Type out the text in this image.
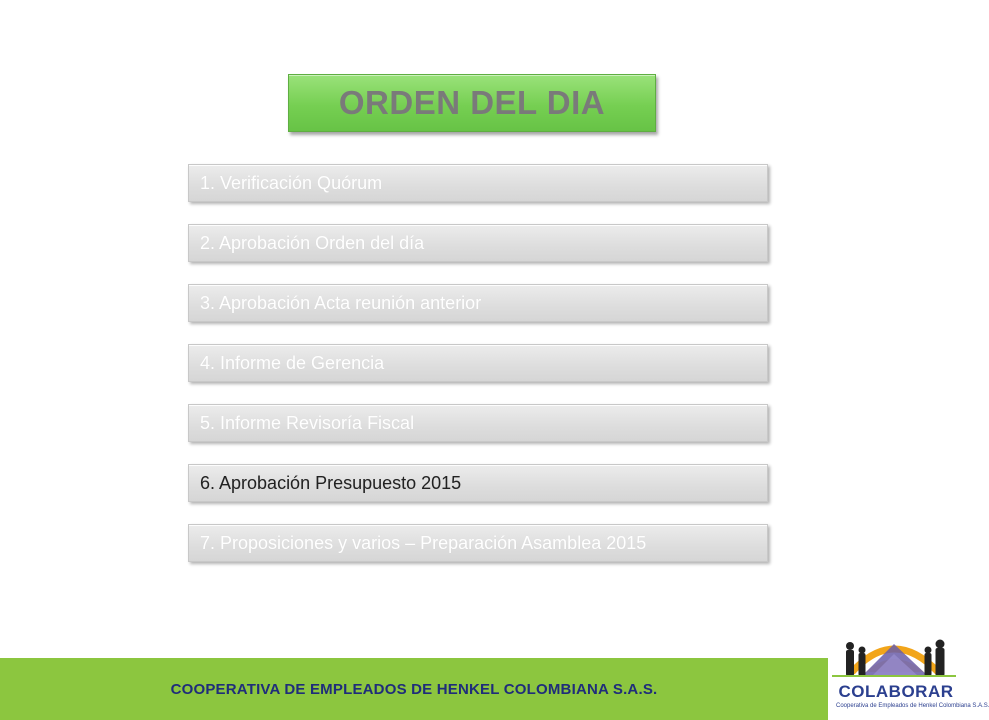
ORDEN DEL DIA
1. Verificación Quórum
2. Aprobación Orden del día
3. Aprobación Acta reunión anterior
4. Informe de Gerencia
5. Informe Revisoría Fiscal
6. Aprobación Presupuesto 2015
7. Proposiciones y varios – Preparación Asamblea 2015
COOPERATIVA DE EMPLEADOS DE HENKEL COLOMBIANA S.A.S.	COLABORAR
Cooperativa de Empleados de Henkel Colombiana S.A.S.
